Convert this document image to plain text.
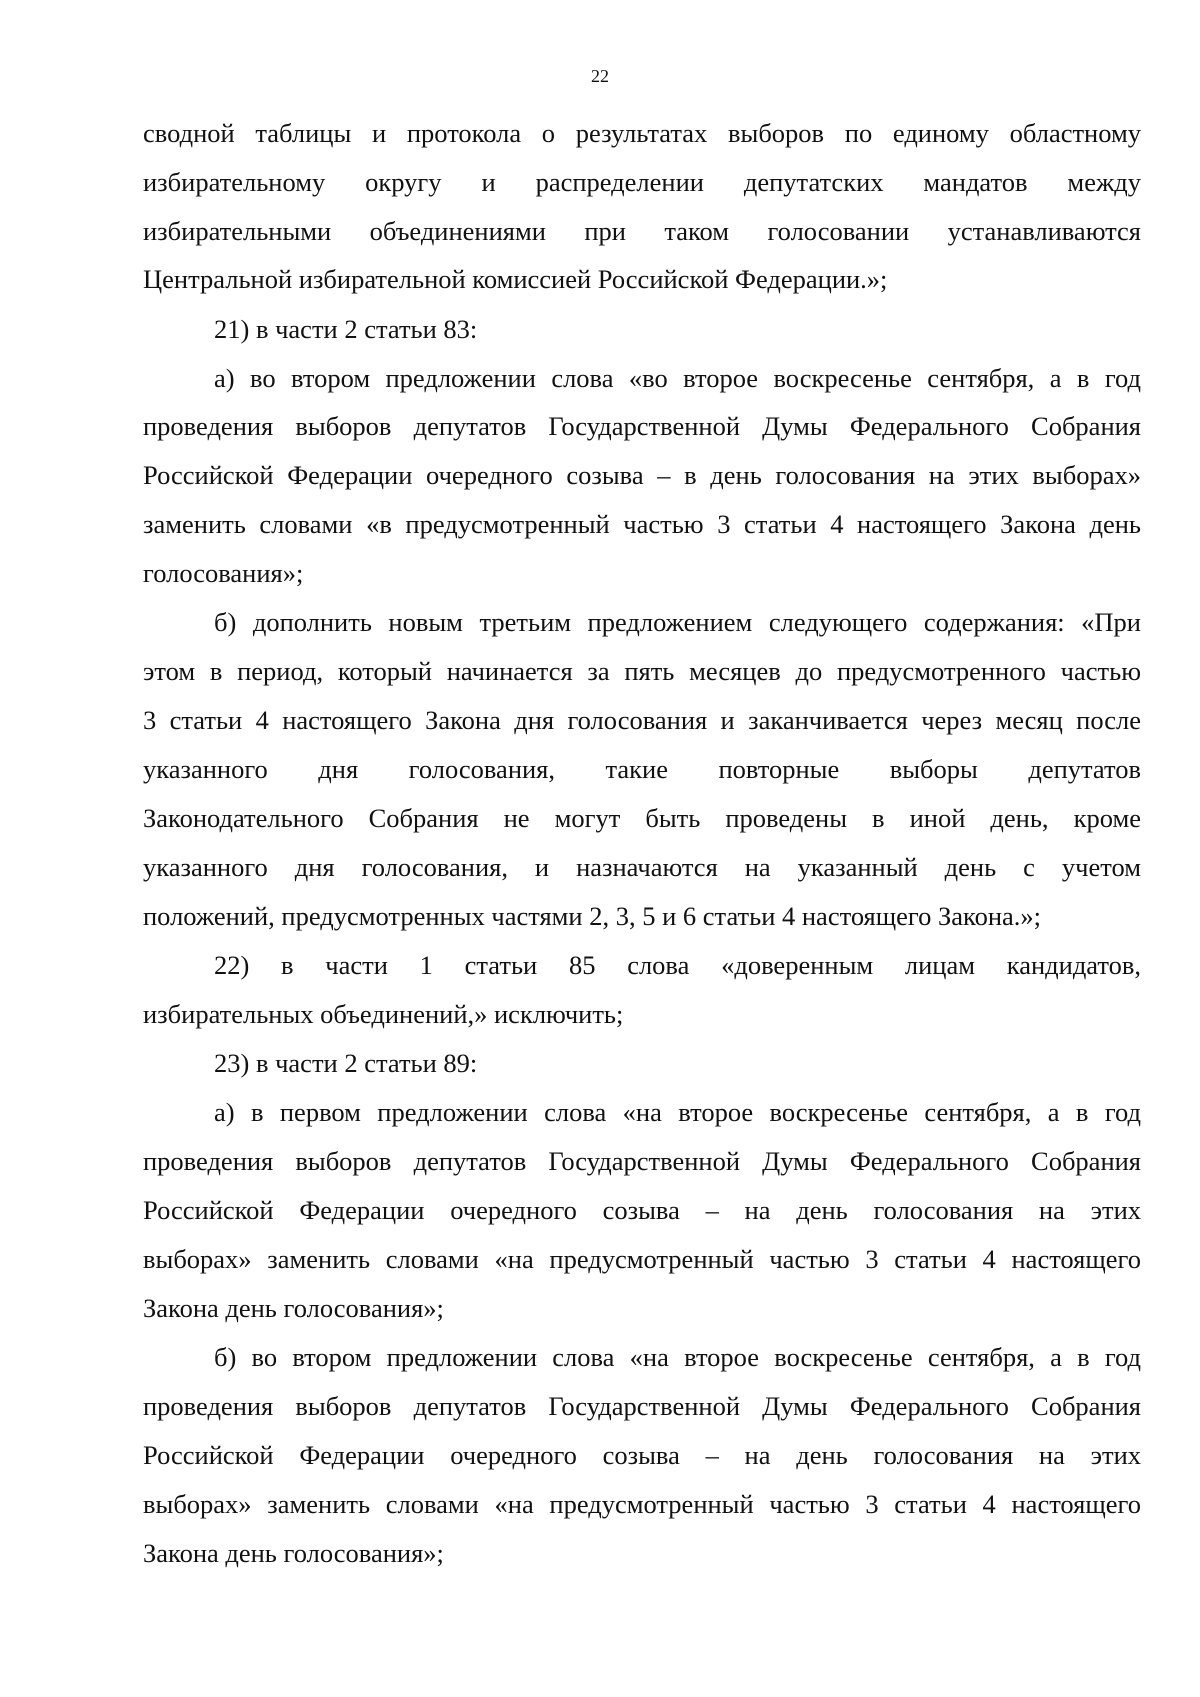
22
сводной таблицы и протокола о результатах выборов по единому областному
избирательному округу и распределении депутатских мандатов между
избирательными объединениями при таком голосовании устанавливаются
Центральной избирательной комиссией Российской Федерации.»;
21) в части 2 статьи 83:
а) во втором предложении слова «во второе воскресенье сентября, а в год
проведения выборов депутатов Государственной Думы Федерального Собрания
Российской Федерации очередного созыва – в день голосования на этих выборах»
заменить словами «в предусмотренный частью 3 статьи 4 настоящего Закона день
голосования»;
б) дополнить новым третьим предложением следующего содержания: «При
этом в период, который начинается за пять месяцев до предусмотренного частью
3 статьи 4 настоящего Закона дня голосования и заканчивается через месяц после
указанного дня голосования, такие повторные выборы депутатов
Законодательного Собрания не могут быть проведены в иной день, кроме
указанного дня голосования, и назначаются на указанный день с учетом
положений, предусмотренных частями 2, 3, 5 и 6 статьи 4 настоящего Закона.»;
22) в части 1 статьи 85 слова «доверенным лицам кандидатов,
избирательных объединений,» исключить;
23) в части 2 статьи 89:
а) в первом предложении слова «на второе воскресенье сентября, а в год
проведения выборов депутатов Государственной Думы Федерального Собрания
Российской Федерации очередного созыва – на день голосования на этих
выборах» заменить словами «на предусмотренный частью 3 статьи 4 настоящего
Закона день голосования»;
б) во втором предложении слова «на второе воскресенье сентября, а в год
проведения выборов депутатов Государственной Думы Федерального Собрания
Российской Федерации очередного созыва – на день голосования на этих
выборах» заменить словами «на предусмотренный частью 3 статьи 4 настоящего
Закона день голосования»;
